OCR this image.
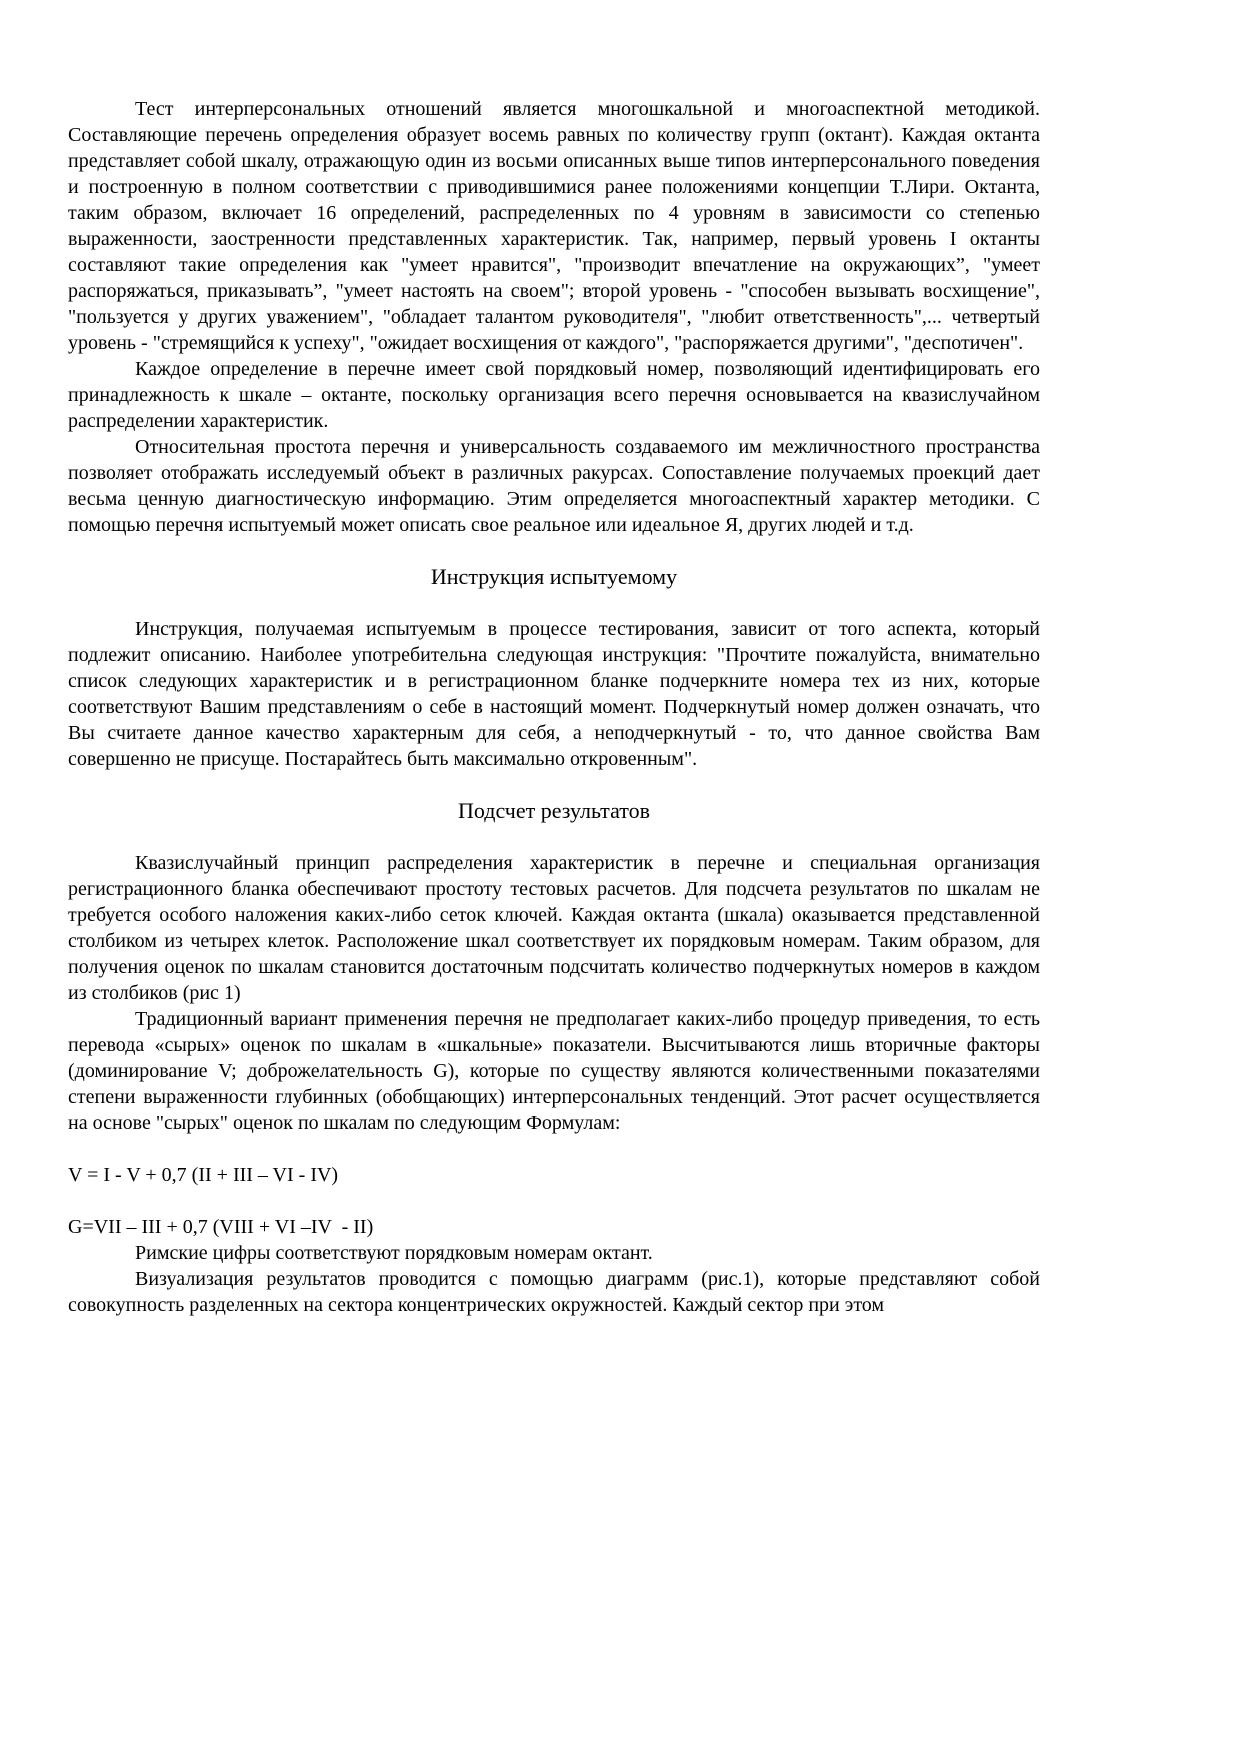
Тест интерперсональных отношений является многошкальной и многоаспектной методикой. Составляющие перечень определения образует восемь равных по количеству групп (октант). Каждая октанта представляет собой шкалу, отражающую один из восьми описанных выше типов интерперсонального поведения и построенную в полном соответствии с приводившимися ранее положениями концепции Т.Лири. Октанта, таким образом, включает 16 определений, распределенных по 4 уровням в зависимости со степенью выраженности, заостренности представленных характеристик. Так, например, первый уровень I октанты составляют такие определения как "умеет нравится", "производит впечатление на окружающих”, "умеет распоряжаться, приказывать”, "умеет настоять на своем"; второй уровень - "способен вызывать восхищение", "пользуется у других уважением", "обладает талантом руководителя", "любит ответственность",... четвертый уровень - "стремящийся к успеху", "ожидает восхищения от каждого", "распоряжается другими", "деспотичен".

Каждое определение в перечне имеет свой порядковый номер, позволяющий идентифицировать его принадлежность к шкале – октанте, поскольку организация всего перечня основывается на квазислучайном распределении характеристик.

Относительная простота перечня и универсальность создаваемого им межличностного пространства позволяет отображать исследуемый объект в различных ракурсах. Сопоставление получаемых проекций дает весьма ценную диагностическую информацию. Этим определяется многоаспектный характер методики. С помощью перечня испытуемый может описать свое реальное или идеальное Я, других людей и т.д.

Инструкция испытуемому

Инструкция, получаемая испытуемым в процессе тестирования, зависит от того аспекта, который подлежит описанию. Наиболее употребительна следующая инструкция: "Прочтите пожалуйста, внимательно список следующих характеристик и в регистрационном бланке подчеркните номера тех из них, которые соответствуют Вашим представлениям о себе в настоящий момент. Подчеркнутый номер должен означать, что Вы считаете данное качество характерным для себя, а неподчеркнутый - то, что данное свойства Вам совершенно не присуще. Постарайтесь быть максимально откровенным".

Подсчет результатов

Квазислучайный принцип распределения характеристик в перечне и специальная организация регистрационного бланка обеспечивают простоту тестовых расчетов. Для подсчета результатов по шкалам не требуется особого наложения каких-либо сеток ключей. Каждая октанта (шкала) оказывается представленной столбиком из четырех клеток. Расположение шкал соответствует их порядковым номерам. Таким образом, для получения оценок по шкалам становится достаточным подсчитать количество подчеркнутых номеров в каждом из столбиков (рис 1)

Традиционный вариант применения перечня не предполагает каких-либо процедур приведения, то есть перевода «сырых» оценок по шкалам в «шкальные» показатели. Высчитываются лишь вторичные факторы (доминирование V; доброжелательность G), которые по существу являются количественными показателями степени выраженности глубинных (обобщающих) интерперсональных тенденций. Этот расчет осуществляется на основе "сырых" оценок по шкалам по следующим Формулам:

V = I - V + 0,7 (II + III – VI - IV)

G=VII – III + 0,7 (VIII + VI –IV  - II)

Римские цифры соответствуют порядковым номерам октант.

Визуализация результатов проводится с помощью диаграмм (рис.1), которые представляют собой совокупность разделенных на сектора концентрических окружностей. Каждый сектор при этом
